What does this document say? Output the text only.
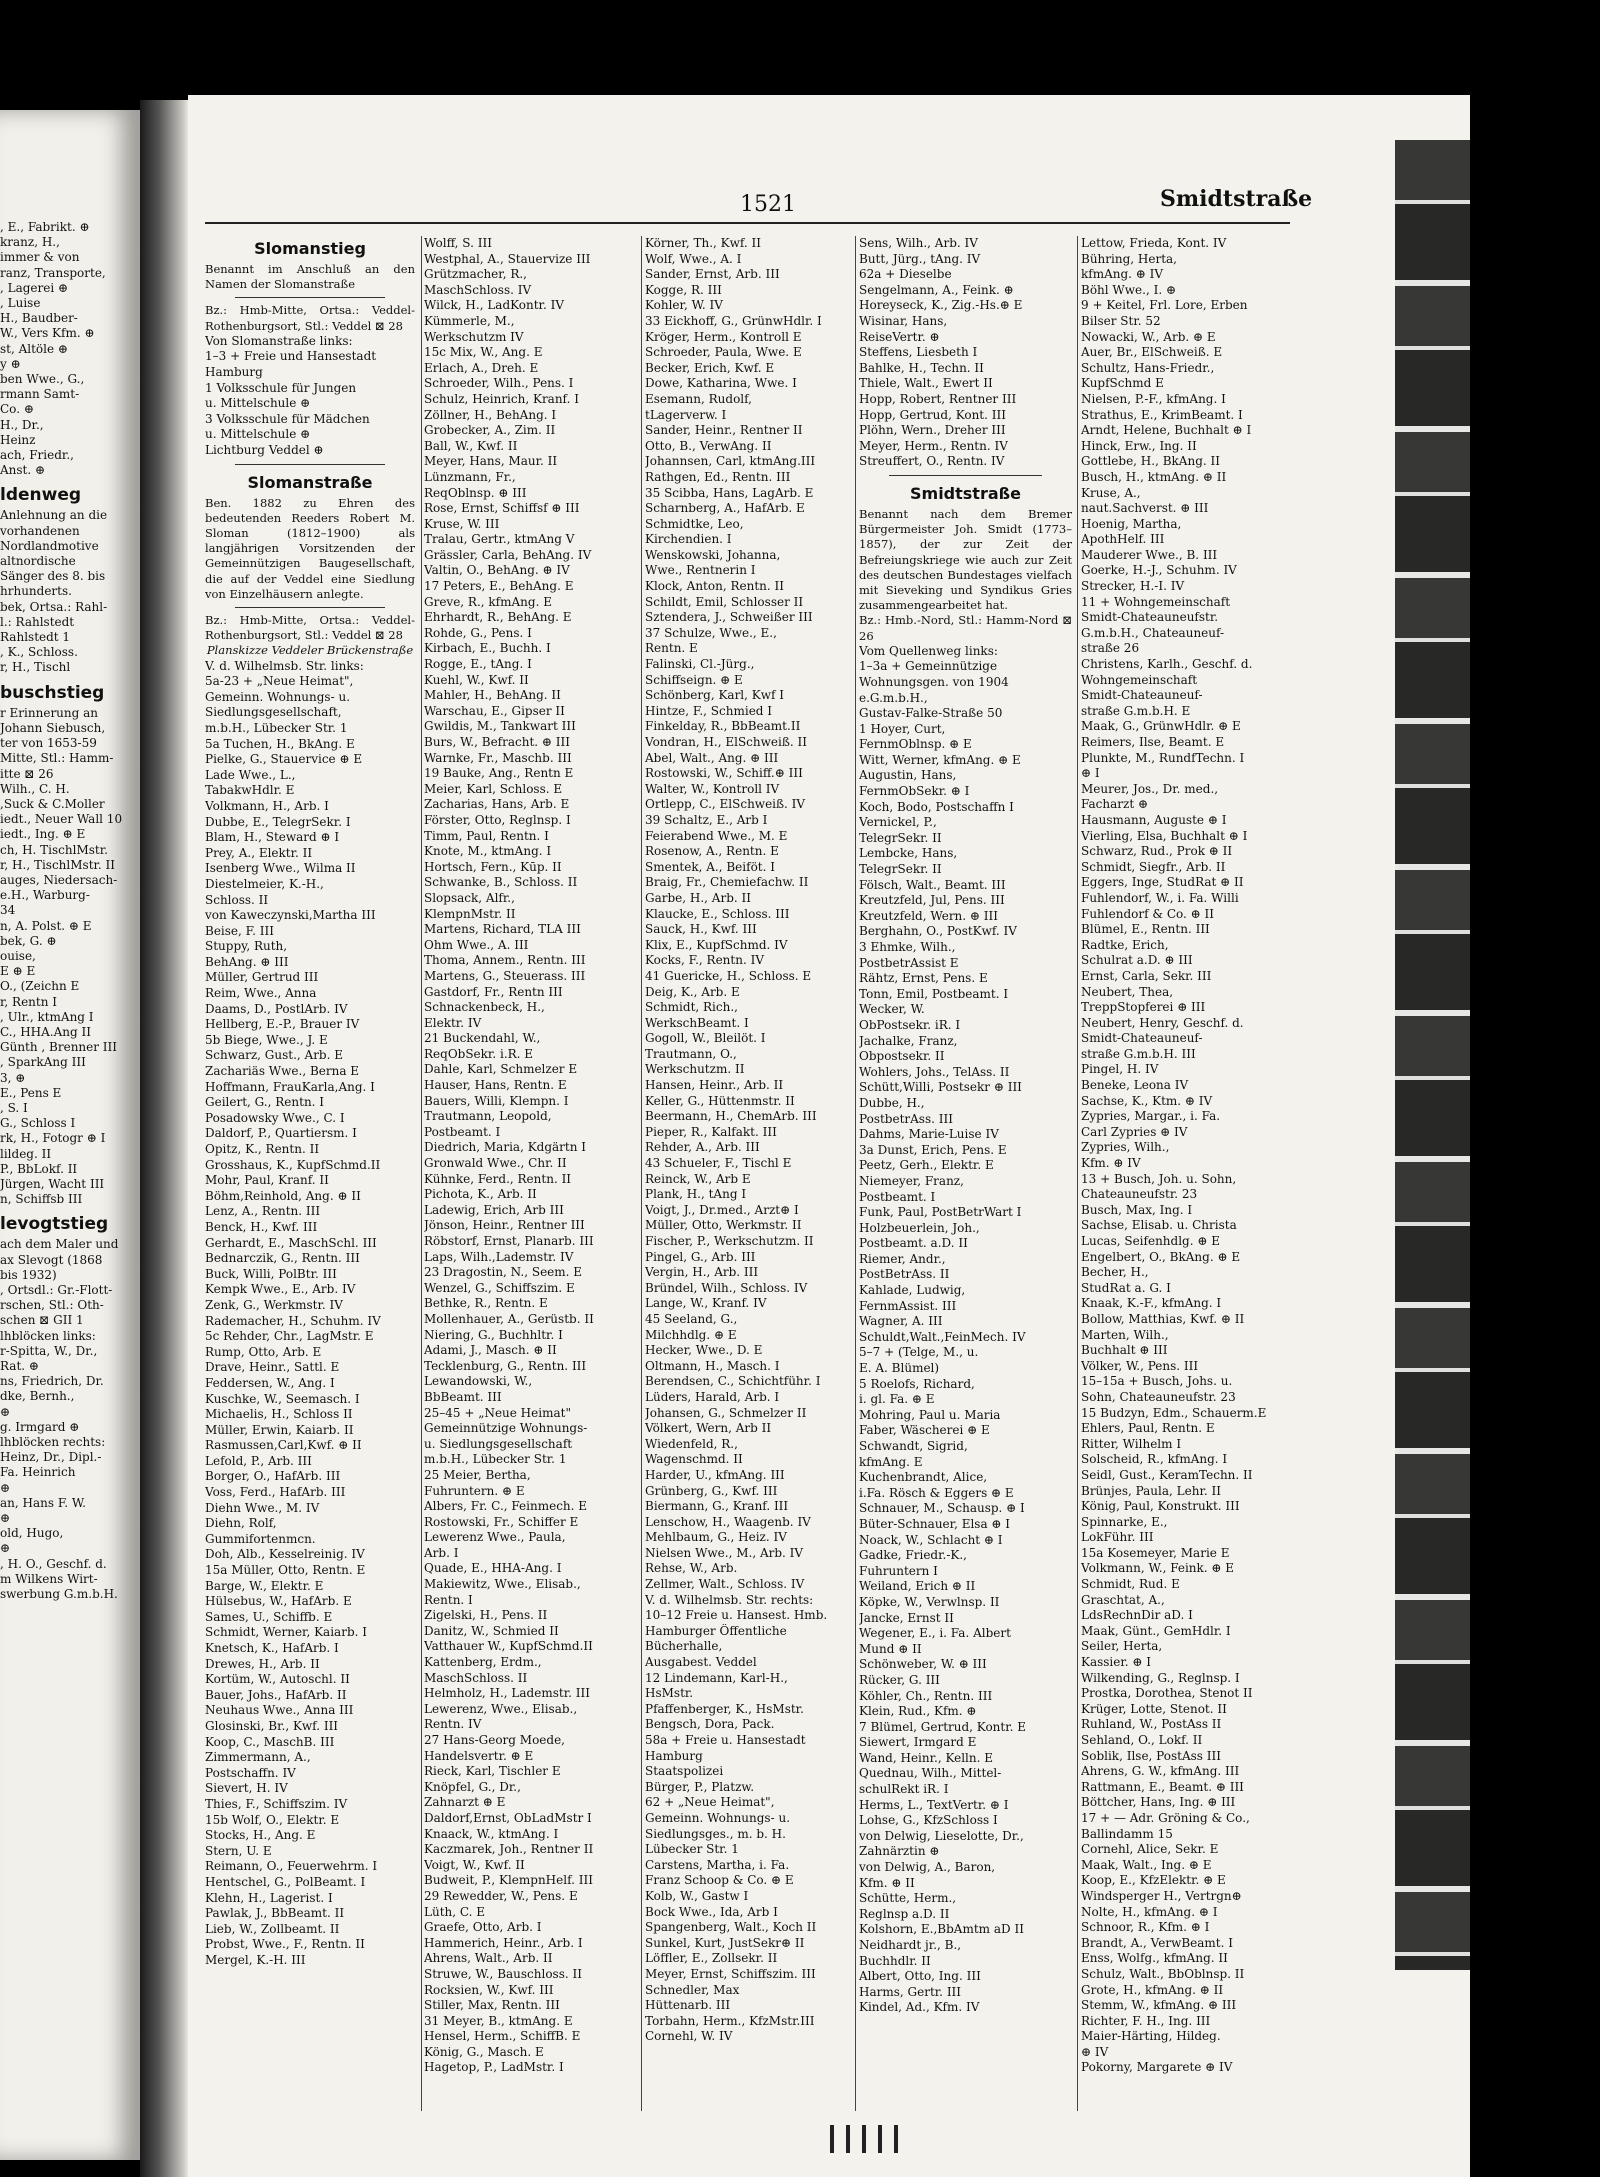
, E., Fabrikt. ⊕
kranz, H.,
immer & von
ranz, Transporte,
, Lagerei ⊕
, Luise
H., Baudber-
W., Vers Kfm. ⊕
st, Altöle ⊕
y ⊕
ben Wwe., G.,
rmann Samt-
Co. ⊕
H., Dr.,
Heinz
ach, Friedr.,
Anst. ⊕
ldenweg
Anlehnung an die
vorhandenen
Nordlandmotive
altnordische
Sänger des 8. bis
hrhunderts.
bek, Ortsa.: Rahl-
l.: Rahlstedt
Rahlstedt 1
, K., Schloss.
r, H., Tischl
buschstieg
r Erinnerung an
Johann Siebusch,
ter von 1653-59
Mitte, Stl.: Hamm-
itte ⊠ 26
Wilh., C. H.
,Suck & C.Moller
iedt., Neuer Wall 10
iedt., Ing. ⊕ E
ch, H. TischlMstr.
r, H., TischlMstr. II
auges, Niedersach-
e.H., Warburg-
34
n, A. Polst. ⊕ E
bek, G. ⊕
ouise,
E ⊕ E
O., (Zeichn E
r, Rentn I
, Ulr., ktmAng I
C., HHA.Ang II
Günth , Brenner III
, SparkAng III
3, ⊕
E., Pens E
, S. I
G., Schloss I
rk, H., Fotogr ⊕ I
lildeg. II
P., BbLokf. II
Jürgen, Wacht III
n, Schiffsb III
levogtstieg
ach dem Maler und
ax Slevogt (1868
bis 1932)
, Ortsdl.: Gr.-Flott-
rschen, Stl.: Oth-
schen ⊠ GII 1
lhblöcken links:
r-Spitta, W., Dr.,
Rat. ⊕
ns, Friedrich, Dr.
dke, Bernh.,
⊕
g. Irmgard ⊕
lhblöcken rechts:
Heinz, Dr., Dipl.-
Fa. Heinrich
⊕
an, Hans F. W.
⊕
old, Hugo,
⊕
, H. O., Geschf. d.
m Wilkens Wirt-
swerbung G.m.b.H.
1521	Smidtstraße
Slomanstieg
Benannt im Anschluß an den Namen der Slomanstraße
Bz.: Hmb-Mitte, Ortsa.: Veddel-Rothenburgsort, Stl.: Veddel ⊠ 28
Von Slomanstraße links:
1–3 + Freie und Hansestadt
Hamburg
1 Volksschule für Jungen
u. Mittelschule ⊕
3 Volksschule für Mädchen
u. Mittelschule ⊕
Lichtburg Veddel ⊕
Slomanstraße
Ben. 1882 zu Ehren des bedeutenden Reeders Robert M. Sloman (1812–1900) als langjährigen Vorsitzenden der Gemeinnützigen Baugesellschaft, die auf der Veddel eine Siedlung von Einzelhäusern anlegte.
Bz.: Hmb-Mitte, Ortsa.: Veddel-Rothenburgsort, Stl.: Veddel ⊠ 28
Planskizze Veddeler Brückenstraße
V. d. Wilhelmsb. Str. links:
5a-23 + „Neue Heimat",
Gemeinn. Wohnungs- u.
Siedlungsgesellschaft,
m.b.H., Lübecker Str. 1
5a Tuchen, H., BkAng. E
Pielke, G., Stauervice ⊕ E
Lade Wwe., L.,
TabakwHdlr. E
Volkmann, H., Arb. I
Dubbe, E., TelegrSekr. I
Blam, H., Steward ⊕ I
Prey, A., Elektr. II
Isenberg Wwe., Wilma II
Diestelmeier, K.-H.,
Schloss. II
von Kaweczynski,Martha III
Beise, F. III
Stuppy, Ruth,
BehAng. ⊕ III
Müller, Gertrud III
Reim, Wwe., Anna
Daams, D., PostlArb. IV
Hellberg, E.-P., Brauer IV
5b Biege, Wwe., J. E
Schwarz, Gust., Arb. E
Zachariäs Wwe., Berna E
Hoffmann, FrauKarla,Ang. I
Geilert, G., Rentn. I
Posadowsky Wwe., C. I
Daldorf, P., Quartiersm. I
Opitz, K., Rentn. II
Grosshaus, K., KupfSchmd.II
Mohr, Paul, Kranf. II
Böhm,Reinhold, Ang. ⊕ II
Lenz, A., Rentn. III
Benck, H., Kwf. III
Gerhardt, E., MaschSchl. III
Bednarczik, G., Rentn. III
Buck, Willi, PolBtr. III
Kempk Wwe., E., Arb. IV
Zenk, G., Werkmstr. IV
Rademacher, H., Schuhm. IV
5c Rehder, Chr., LagMstr. E
Rump, Otto, Arb. E
Drave, Heinr., Sattl. E
Feddersen, W., Ang. I
Kuschke, W., Seemasch. I
Michaelis, H., Schloss II
Müller, Erwin, Kaiarb. II
Rasmussen,Carl,Kwf. ⊕ II
Lefold, P., Arb. III
Borger, O., HafArb. III
Voss, Ferd., HafArb. III
Diehn Wwe., M. IV
Diehn, Rolf,
Gummifortenmcn.
Doh, Alb., Kesselreinig. IV
15a Müller, Otto, Rentn. E
Barge, W., Elektr. E
Hülsebus, W., HafArb. E
Sames, U., Schiffb. E
Schmidt, Werner, Kaiarb. I
Knetsch, K., HafArb. I
Drewes, H., Arb. II
Kortüm, W., Autoschl. II
Bauer, Johs., HafArb. II
Neuhaus Wwe., Anna III
Glosinski, Br., Kwf. III
Koop, C., MaschB. III
Zimmermann, A.,
Postschaffn. IV
Sievert, H. IV
Thies, F., Schiffszim. IV
15b Wolf, O., Elektr. E
Stocks, H., Ang. E
Stern, U. E
Reimann, O., Feuerwehrm. I
Hentschel, G., PolBeamt. I
Klehn, H., Lagerist. I
Pawlak, J., BbBeamt. II
Lieb, W., Zollbeamt. II
Probst, Wwe., F., Rentn. II
Mergel, K.-H. III
Wolff, S. III
Westphal, A., Stauervize III
Grützmacher, R.,
MaschSchloss. IV
Wilck, H., LadKontr. IV
Kümmerle, M.,
Werkschutzm IV
15c Mix, W., Ang. E
Erlach, A., Dreh. E
Schroeder, Wilh., Pens. I
Schulz, Heinrich, Kranf. I
Zöllner, H., BehAng. I
Grobecker, A., Zim. II
Ball, W., Kwf. II
Meyer, Hans, Maur. II
Lünzmann, Fr.,
ReqOblnsp. ⊕ III
Rose, Ernst, Schiffsf ⊕ III
Kruse, W. III
Tralau, Gertr., ktmAng V
Grässler, Carla, BehAng. IV
Valtin, O., BehAng. ⊕ IV
17 Peters, E., BehAng. E
Greve, R., kfmAng. E
Ehrhardt, R., BehAng. E
Rohde, G., Pens. I
Kirbach, E., Buchh. I
Rogge, E., tAng. I
Kuehl, W., Kwf. II
Mahler, H., BehAng. II
Warschau, E., Gipser II
Gwildis, M., Tankwart III
Burs, W., Befracht. ⊕ III
Warnke, Fr., Maschb. III
19 Bauke, Ang., Rentn E
Meier, Karl, Schloss. E
Zacharias, Hans, Arb. E
Förster, Otto, Reglnsp. I
Timm, Paul, Rentn. I
Knote, M., ktmAng. I
Hortsch, Fern., Kūp. II
Schwanke, B., Schloss. II
Slopsack, Alfr.,
KlempnMstr. II
Martens, Richard, TLA III
Ohm Wwe., A. III
Thoma, Annem., Rentn. III
Martens, G., Steuerass. III
Gastdorf, Fr., Rentn III
Schnackenbeck, H.,
Elektr. IV
21 Buckendahl, W.,
ReqObSekr. i.R. E
Dahle, Karl, Schmelzer E
Hauser, Hans, Rentn. E
Bauers, Willi, Klempn. I
Trautmann, Leopold,
Postbeamt. I
Diedrich, Maria, Kdgärtn I
Gronwald Wwe., Chr. II
Kühnke, Ferd., Rentn. II
Pichota, K., Arb. II
Ladewig, Erich, Arb III
Jönson, Heinr., Rentner III
Röbstorf, Ernst, Planarb. III
Laps, Wilh.,Lademstr. IV
23 Dragostin, N., Seem. E
Wenzel, G., Schiffszim. E
Bethke, R., Rentn. E
Mollenhauer, A., Gerüstb. II
Niering, G., Buchhltr. I
Adami, J., Masch. ⊕ II
Tecklenburg, G., Rentn. III
Lewandowski, W.,
BbBeamt. III
25–45 + „Neue Heimat"
Gemeinnützige Wohnungs-
u. Siedlungsgesellschaft
m.b.H., Lübecker Str. 1
25 Meier, Bertha,
Fuhruntern. ⊕ E
Albers, Fr. C., Feinmech. E
Rostowski, Fr., Schiffer E
Lewerenz Wwe., Paula,
Arb. I
Quade, E., HHA-Ang. I
Makiewitz, Wwe., Elisab.,
Rentn. I
Zigelski, H., Pens. II
Danitz, W., Schmied II
Vatthauer W., KupfSchmd.II
Kattenberg, Erdm.,
MaschSchloss. II
Helmholz, H., Lademstr. III
Lewerenz, Wwe., Elisab.,
Rentn. IV
27 Hans-Georg Moede,
Handelsvertr. ⊕ E
Rieck, Karl, Tischler E
Knöpfel, G., Dr.,
Zahnarzt ⊕ E
Daldorf,Ernst, ObLadMstr I
Knaack, W., ktmAng. I
Kaczmarek, Joh., Rentner II
Voigt, W., Kwf. II
Budweit, P., KlempnHelf. III
29 Rewedder, W., Pens. E
Lüth, C. E
Graefe, Otto, Arb. I
Hammerich, Heinr., Arb. I
Ahrens, Walt., Arb. II
Struwe, W., Bauschloss. II
Rocksien, W., Kwf. III
Stiller, Max, Rentn. III
31 Meyer, B., ktmAng. E
Hensel, Herm., SchiffB. E
König, G., Masch. E
Hagetop, P., LadMstr. I
Körner, Th., Kwf. II
Wolf, Wwe., A. I
Sander, Ernst, Arb. III
Kogge, R. III
Kohler, W. IV
33 Eickhoff, G., GrünwHdlr. I
Kröger, Herm., Kontroll E
Schroeder, Paula, Wwe. E
Becker, Erich, Kwf. E
Dowe, Katharina, Wwe. I
Esemann, Rudolf,
tLagerverw. I
Sander, Heinr., Rentner II
Otto, B., VerwAng. II
Johannsen, Carl, ktmAng.III
Rathgen, Ed., Rentn. III
35 Scibba, Hans, LagArb. E
Scharnberg, A., HafArb. E
Schmidtke, Leo,
Kirchendien. I
Wenskowski, Johanna,
Wwe., Rentnerin I
Klock, Anton, Rentn. II
Schildt, Emil, Schlosser II
Sztendera, J., Schweißer III
37 Schulze, Wwe., E.,
Rentn. E
Falinski, Cl.-Jürg.,
Schiffseign. ⊕ E
Schönberg, Karl, Kwf I
Hintze, F., Schmied I
Finkelday, R., BbBeamt.II
Vondran, H., ElSchweiß. II
Abel, Walt., Ang. ⊕ III
Rostowski, W., Schiff.⊕ III
Walter, W., Kontroll IV
Ortlepp, C., ElSchweiß. IV
39 Schaltz, E., Arb I
Feierabend Wwe., M. E
Rosenow, A., Rentn. E
Smentek, A., Beiföt. I
Braig, Fr., Chemiefachw. II
Garbe, H., Arb. II
Klaucke, E., Schloss. III
Sauck, H., Kwf. III
Klix, E., KupfSchmd. IV
Kocks, F., Rentn. IV
41 Guericke, H., Schloss. E
Deig, K., Arb. E
Schmidt, Rich.,
WerkschBeamt. I
Gogoll, W., Bleilöt. I
Trautmann, O.,
Werkschutzm. II
Hansen, Heinr., Arb. II
Keller, G., Hüttenmstr. II
Beermann, H., ChemArb. III
Pieper, R., Kalfakt. III
Rehder, A., Arb. III
43 Schueler, F., Tischl E
Reinck, W., Arb E
Plank, H., tAng I
Voigt, J., Dr.med., Arzt⊕ I
Müller, Otto, Werkmstr. II
Fischer, P., Werkschutzm. II
Pingel, G., Arb. III
Vergin, H., Arb. III
Bründel, Wilh., Schloss. IV
Lange, W., Kranf. IV
45 Seeland, G.,
Milchhdlg. ⊕ E
Hecker, Wwe., D. E
Oltmann, H., Masch. I
Berendsen, C., Schichtführ. I
Lüders, Harald, Arb. I
Johansen, G., Schmelzer II
Völkert, Wern, Arb II
Wiedenfeld, R.,
Wagenschmd. II
Harder, U., kfmAng. III
Grünberg, G., Kwf. III
Biermann, G., Kranf. III
Lenschow, H., Waagenb. IV
Mehlbaum, G., Heiz. IV
Nielsen Wwe., M., Arb. IV
Rehse, W., Arb.
Zellmer, Walt., Schloss. IV
V. d. Wilhelmsb. Str. rechts:
10–12 Freie u. Hansest. Hmb.
Hamburger Öffentliche
Bücherhalle,
Ausgabest. Veddel
12 Lindemann, Karl-H.,
HsMstr.
Pfaffenberger, K., HsMstr.
Bengsch, Dora, Pack.
58a + Freie u. Hansestadt
Hamburg
Staatspolizei
Bürger, P., Platzw.
62 + „Neue Heimat",
Gemeinn. Wohnungs- u.
Siedlungsges., m. b. H.
Lübecker Str. 1
Carstens, Martha, i. Fa.
Franz Schoop & Co. ⊕ E
Kolb, W., Gastw I
Bock Wwe., Ida, Arb I
Spangenberg, Walt., Koch II
Sunkel, Kurt, JustSekr⊕ II
Löffler, E., Zollsekr. II
Meyer, Ernst, Schiffszim. III
Schnedler, Max
Hüttenarb. III
Torbahn, Herm., KfzMstr.III
Cornehl, W. IV
Sens, Wilh., Arb. IV
Butt, Jürg., tAng. IV
62a + Dieselbe
Sengelmann, A., Feink. ⊕
Horeyseck, K., Zig.-Hs.⊕ E
Wisinar, Hans,
ReiseVertr. ⊕
Steffens, Liesbeth I
Bahlke, H., Techn. II
Thiele, Walt., Ewert II
Hopp, Robert, Rentner III
Hopp, Gertrud, Kont. III
Plöhn, Wern., Dreher III
Meyer, Herm., Rentn. IV
Streuffert, O., Rentn. IV
Smidtstraße
Benannt nach dem Bremer Bürgermeister Joh. Smidt (1773–1857), der zur Zeit der Befreiungskriege wie auch zur Zeit des deutschen Bundestages vielfach mit Sieveking und Syndikus Gries zusammengearbeitet hat.
Bz.: Hmb.-Nord, Stl.: Hamm-Nord ⊠ 26
Vom Quellenweg links:
1–3a + Gemeinnützige
Wohnungsgen. von 1904
e.G.m.b.H.,
Gustav-Falke-Straße 50
1 Hoyer, Curt,
FernmOblnsp. ⊕ E
Witt, Werner, kfmAng. ⊕ E
Augustin, Hans,
FernmObSekr. ⊕ I
Koch, Bodo, Postschaffn I
Vernickel, P.,
TelegrSekr. II
Lembcke, Hans,
TelegrSekr. II
Fölsch, Walt., Beamt. III
Kreutzfeld, Jul, Pens. III
Kreutzfeld, Wern. ⊕ III
Berghahn, O., PostKwf. IV
3 Ehmke, Wilh.,
PostbetrAssist E
Rähtz, Ernst, Pens. E
Tonn, Emil, Postbeamt. I
Wecker, W.
ObPostsekr. iR. I
Jachalke, Franz,
Obpostsekr. II
Wohlers, Johs., TelAss. II
Schütt,Willi, Postsekr ⊕ III
Dubbe, H.,
PostbetrAss. III
Dahms, Marie-Luise IV
3a Dunst, Erich, Pens. E
Peetz, Gerh., Elektr. E
Niemeyer, Franz,
Postbeamt. I
Funk, Paul, PostBetrWart I
Holzbeuerlein, Joh.,
Postbeamt. a.D. II
Riemer, Andr.,
PostBetrAss. II
Kahlade, Ludwig,
FernmAssist. III
Wagner, A. III
Schuldt,Walt.,FeinMech. IV
5–7 + (Telge, M., u.
E. A. Blümel)
5 Roelofs, Richard,
i. gl. Fa. ⊕ E
Mohring, Paul u. Maria
Faber, Wäscherei ⊕ E
Schwandt, Sigrid,
kfmAng. E
Kuchenbrandt, Alice,
i.Fa. Rösch & Eggers ⊕ E
Schnauer, M., Schausp. ⊕ I
Büter-Schnauer, Elsa ⊕ I
Noack, W., Schlacht ⊕ I
Gadke, Friedr.-K.,
Fuhruntern I
Weiland, Erich ⊕ II
Köpke, W., Verwlnsp. II
Jancke, Ernst II
Wegener, E., i. Fa. Albert
Mund ⊕ II
Schönweber, W. ⊕ III
Rücker, G. III
Köhler, Ch., Rentn. III
Klein, Rud., Kfm. ⊕
7 Blümel, Gertrud, Kontr. E
Siewert, Irmgard E
Wand, Heinr., Kelln. E
Quednau, Wilh., Mittel-
schulRekt iR. I
Herms, L., TextVertr. ⊕ I
Lohse, G., KfzSchloss I
von Delwig, Lieselotte, Dr.,
Zahnärztin ⊕
von Delwig, A., Baron,
Kfm. ⊕ II
Schütte, Herm.,
Reglnsp a.D. II
Kolshorn, E.,BbAmtm aD II
Neidhardt jr., B.,
Buchhdlr. II
Albert, Otto, Ing. III
Harms, Gertr. III
Kindel, Ad., Kfm. IV
Lettow, Frieda, Kont. IV
Bühring, Herta,
kfmAng. ⊕ IV
Böhl Wwe., I. ⊕
9 + Keitel, Frl. Lore, Erben
Bilser Str. 52
Nowacki, W., Arb. ⊕ E
Auer, Br., ElSchweiß. E
Schultz, Hans-Friedr.,
KupfSchmd E
Nielsen, P.-F., kfmAng. I
Strathus, E., KrimBeamt. I
Arndt, Helene, Buchhalt ⊕ I
Hinck, Erw., Ing. II
Gottlebe, H., BkAng. II
Busch, H., ktmAng. ⊕ II
Kruse, A.,
naut.Sachverst. ⊕ III
Hoenig, Martha,
ApothHelf. III
Mauderer Wwe., B. III
Goerke, H.-J., Schuhm. IV
Strecker, H.-I. IV
11 + Wohngemeinschaft
Smidt-Chateauneufstr.
G.m.b.H., Chateauneuf-
straße 26
Christens, Karlh., Geschf. d.
Wohngemeinschaft
Smidt-Chateauneuf-
straße G.m.b.H. E
Maak, G., GrünwHdlr. ⊕ E
Reimers, Ilse, Beamt. E
Plunkte, M., RundfTechn. I
⊕ I
Meurer, Jos., Dr. med.,
Facharzt ⊕
Hausmann, Auguste ⊕ I
Vierling, Elsa, Buchhalt ⊕ I
Schwarz, Rud., Prok ⊕ II
Schmidt, Siegfr., Arb. II
Eggers, Inge, StudRat ⊕ II
Fuhlendorf, W., i. Fa. Willi
Fuhlendorf & Co. ⊕ II
Blümel, E., Rentn. III
Radtke, Erich,
Schulrat a.D. ⊕ III
Ernst, Carla, Sekr. III
Neubert, Thea,
TreppStopferei ⊕ III
Neubert, Henry, Geschf. d.
Smidt-Chateauneuf-
straße G.m.b.H. III
Pingel, H. IV
Beneke, Leona IV
Sachse, K., Ktm. ⊕ IV
Zypries, Margar., i. Fa.
Carl Zypries ⊕ IV
Zypries, Wilh.,
Kfm. ⊕ IV
13 + Busch, Joh. u. Sohn,
Chateauneufstr. 23
Busch, Max, Ing. I
Sachse, Elisab. u. Christa
Lucas, Seifenhdlg. ⊕ E
Engelbert, O., BkAng. ⊕ E
Becher, H.,
StudRat a. G. I
Knaak, K.-F., kfmAng. I
Bollow, Matthias, Kwf. ⊕ II
Marten, Wilh.,
Buchhalt ⊕ III
Völker, W., Pens. III
15–15a + Busch, Johs. u.
Sohn, Chateauneufstr. 23
15 Budzyn, Edm., Schauerm.E
Ehlers, Paul, Rentn. E
Ritter, Wilhelm I
Solscheid, R., kfmAng. I
Seidl, Gust., KeramTechn. II
Brünjes, Paula, Lehr. II
König, Paul, Konstrukt. III
Spinnarke, E.,
LokFühr. III
15a Kosemeyer, Marie E
Volkmann, W., Feink. ⊕ E
Schmidt, Rud. E
Graschtat, A.,
LdsRechnDir aD. I
Maak, Günt., GemHdlr. I
Seiler, Herta,
Kassier. ⊕ I
Wilkending, G., Reglnsp. I
Prostka, Dorothea, Stenot II
Krüger, Lotte, Stenot. II
Ruhland, W., PostAss II
Sehland, O., Lokf. II
Soblik, Ilse, PostAss III
Ahrens, G. W., kfmAng. III
Rattmann, E., Beamt. ⊕ III
Böttcher, Hans, Ing. ⊕ III
17 + — Adr. Gröning & Co.,
Ballindamm 15
Cornehl, Alice, Sekr. E
Maak, Walt., Ing. ⊕ E
Koop, E., KfzElektr. ⊕ E
Windsperger H., Vertrgn⊕
Nolte, H., kfmAng. ⊕ I
Schnoor, R., Kfm. ⊕ I
Brandt, A., VerwBeamt. I
Enss, Wolfg., kfmAng. II
Schulz, Walt., BbOblnsp. II
Grote, H., kfmAng. ⊕ II
Stemm, W., kfmAng. ⊕ III
Richter, F. H., Ing. III
Maier-Härting, Hildeg.
⊕ IV
Pokorny, Margarete ⊕ IV
